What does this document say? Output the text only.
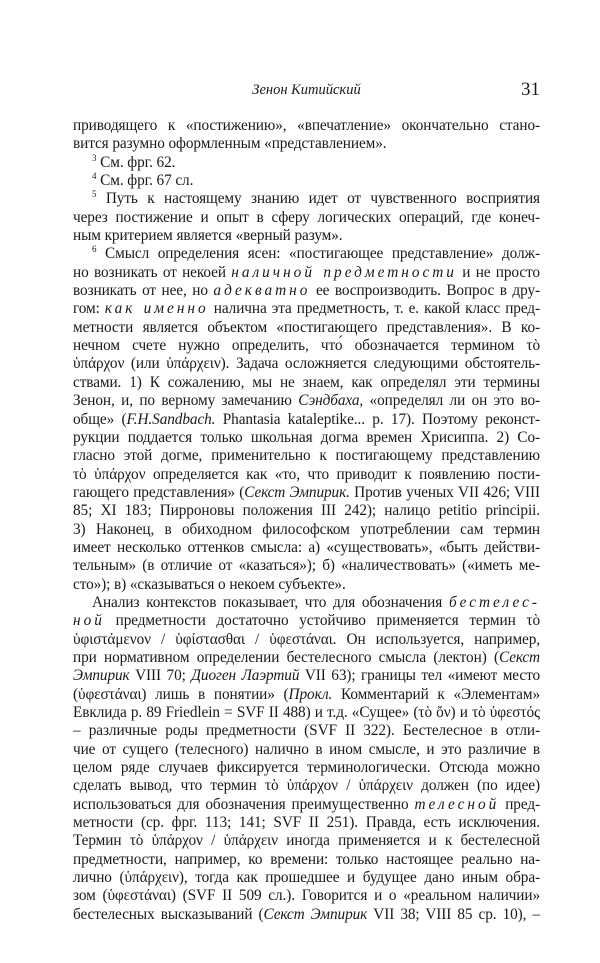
Зенон Китийский	31
приводящего к «постижению», «впечатление» окончательно стано-
вится разумно оформленным «представлением».
$^3$ См. фрг. 62.
$^4$ См. фрг. 67 сл.
$^5$ Путь к настоящему знанию идет от чувственного восприятия
через постижение и опыт в сферу логических операций, где конеч-
ным критерием является «верный разум».
$^6$ Смысл определения ясен: «постигающее представление» долж-
но возникать от некоей наличной предметности и не просто
возникать от нее, но адекватно ее воспроизводить. Вопрос в дру-
гом: как именно налична эта предметность, т. е. какой класс пред-
метности является объектом «постигающего представления». В ко-
нечном счете нужно определить, что́ обозначается термином τὸ
ὑπάρχον (или ὑπάρχειν). Задача осложняется следующими обстоятель-
ствами. 1) К сожалению, мы не знаем, как определял эти термины
Зенон, и, по верному замечанию Сэндбаха, «определял ли он это во-
обще» (F.H.Sandbach. Phantasia kataleptike... p. 17). Поэтому реконст-
рукции поддается только школьная догма времен Хрисиппа. 2) Со-
гласно этой догме, применительно к постигающему представлению
τὸ ὑπάρχον определяется как «то, что приводит к появлению пости-
гающего представления» (Секст Эмпирик. Против ученых VII 426; VIII
85; XI 183; Пирроновы положения III 242); налицо petitio principii.
3) Наконец, в обиходном философском употреблении сам термин
имеет несколько оттенков смысла: а) «существовать», «быть действи-
тельным» (в отличие от «казаться»); б) «наличествовать» («иметь ме-
сто»); в) «сказываться о некоем субъекте».
Анализ контекстов показывает, что для обозначения бестелес-
ной предметности достаточно устойчиво применяется термин τὸ
ὑφιστάμενον / ὑφίστασθαι / ὑφεστάναι. Он используется, например,
при нормативном определении бестелесного смысла (лектон) (Секст
Эмпирик VIII 70; Диоген Лаэртий VII 63); границы тел «имеют место
(ὑφεστάναι) лишь в понятии» (Прокл. Комментарий к «Элементам»
Евклида p. 89 Friedlein = SVF II 488) и т.д. «Сущее» (τὸ ὄν) и τὸ ὑφεστός
– различные роды предметности (SVF II 322). Бестелесное в отли-
чие от сущего (телесного) налично в ином смысле, и это различие в
целом ряде случаев фиксируется терминологически. Отсюда можно
сделать вывод, что термин τὸ ὑπάρχον / ὑπάρχειν должен (по идее)
использоваться для обозначения преимущественно телесной пред-
метности (ср. фрг. 113; 141; SVF II 251). Правда, есть исключения.
Термин τὸ ὑπάρχον / ὑπάρχειν иногда применяется и к бестелесной
предметности, например, ко времени: только настоящее реально на-
лично (ὑπάρχειν), тогда как прошедшее и будущее дано иным обра-
зом (ὑφεστάναι) (SVF II 509 сл.). Говорится и о «реальном наличии»
бестелесных высказываний (Секст Эмпирик VII 38; VIII 85 ср. 10), –
